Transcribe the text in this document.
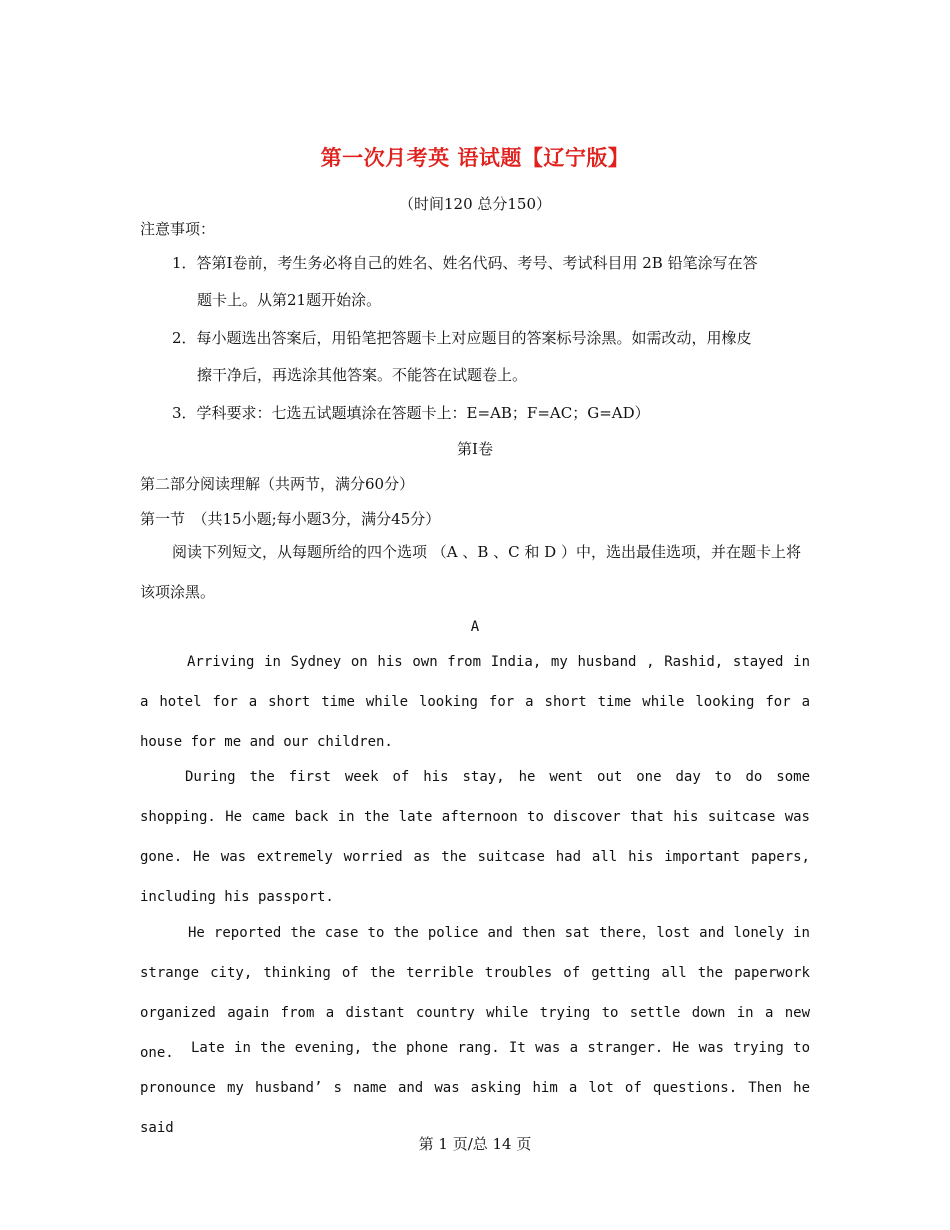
第一次月考英 语试题【辽宁版】
（时间120 总分150）
注意事项：
1．答第Ⅰ卷前，考生务必将自己的姓名、姓名代码、考号、考试科目用 2B 铅笔涂写在答
题卡上。从第21题开始涂。
2．每小题选出答案后，用铅笔把答题卡上对应题目的答案标号涂黑。如需改动，用橡皮
擦干净后，再选涂其他答案。不能答在试题卷上。
3．学科要求：七选五试题填涂在答题卡上：E=AB；F=AC；G=AD）
第Ⅰ卷
第二部分阅读理解（共两节，满分60分）
第一节　（共15小题;每小题3分，满分45分）
阅读下列短文，从每题所给的四个选项 （A 、B 、C 和 D ）中，选出最佳选项，并在题卡上将该项涂黑。
A
Arriving in Sydney on his own from India, my husband , Rashid, stayed in a hotel for a short time while looking for a short time while looking for a house for me and our children.
During the first week of his stay, he went out one day to do some shopping. He came back in the late afternoon to discover that his suitcase was gone. He was extremely worried as the suitcase had all his important papers, including his passport.
He reported the case to the police and then sat there，lost and lonely in strange city, thinking of the terrible troubles of getting all the paperwork organized again from a distant country while trying to settle down in a new one.	Late in the evening, the phone rang. It was a stranger. He was trying to pronounce my husband’ s name and was asking him a lot of questions. Then he said
第 1 页/总 14 页
